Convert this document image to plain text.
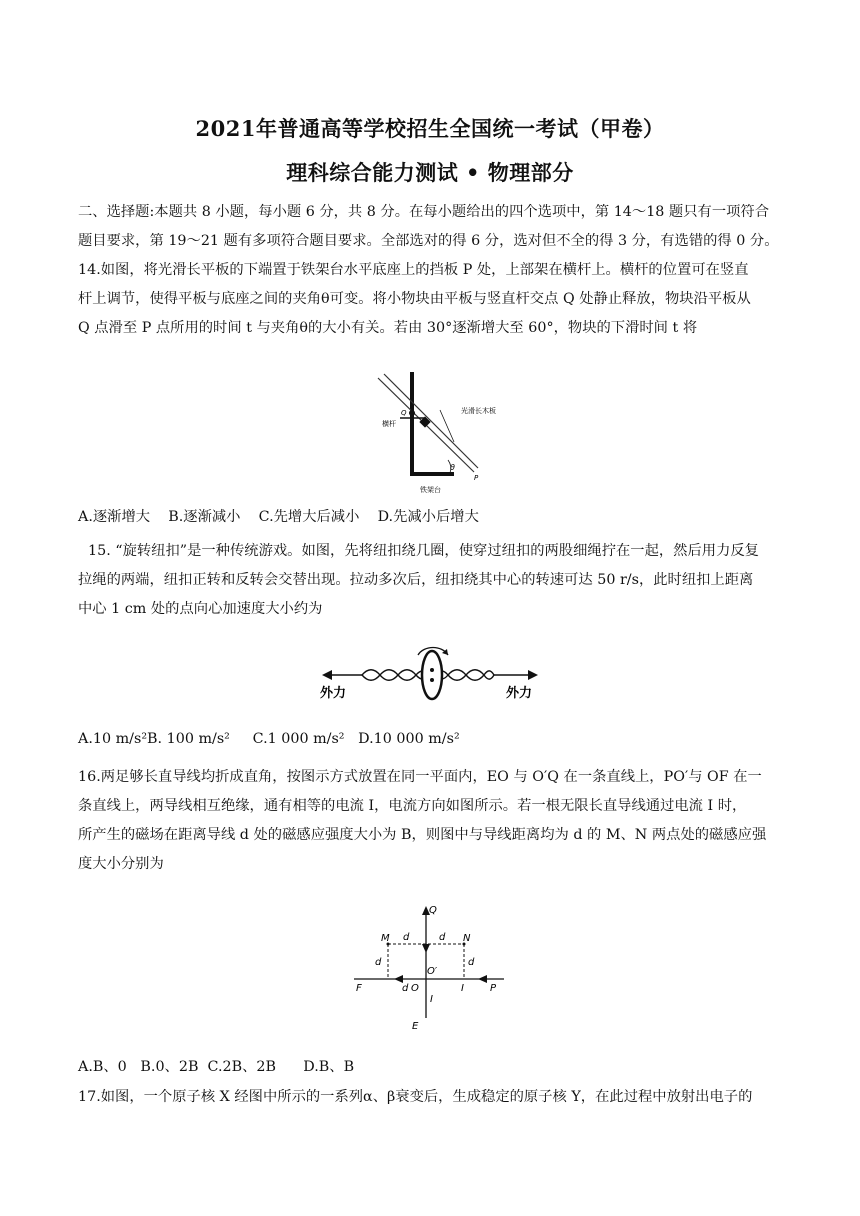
2021年普通高等学校招生全国统一考试（甲卷）
理科综合能力测试 • 物理部分
二、选择题:本题共 8 小题，每小题 6 分，共 8 分。在每小题给出的四个选项中，第 14～18 题只有一项符合
题目要求，第 19～21 题有多项符合题目要求。全部选对的得 6 分，选对但不全的得 3 分，有选错的得 0 分。
14.如图，将光滑长平板的下端置于铁架台水平底座上的挡板 P 处，上部架在横杆上。横杆的位置可在竖直
杆上调节，使得平板与底座之间的夹角θ可变。将小物块由平板与竖直杆交点 Q 处静止释放，物块沿平板从
Q 点滑至 P 点所用的时间 t 与夹角θ的大小有关。若由 30°逐渐增大至 60°，物块的下滑时间 t 将
光滑长木板
横杆
Q
P
θ
铁架台
A.逐渐增大    B.逐渐减小    C.先增大后减小    D.先减小后增大
15. “旋转纽扣”是一种传统游戏。如图，先将纽扣绕几圈，使穿过纽扣的两股细绳拧在一起，然后用力反复
拉绳的两端，纽扣正转和反转会交替出现。拉动多次后，纽扣绕其中心的转速可达 50 r/s，此时纽扣上距离
中心 1 cm 处的点向心加速度大小约为
外力	外力
A.10 m/s²B. 100 m/s²     C.1 000 m/s²   D.10 000 m/s²
16.两足够长直导线均折成直角，按图示方式放置在同一平面内，EO 与 O′Q 在一条直线上，PO′与 OF 在一
条直线上，两导线相互绝缘，通有相等的电流 I，电流方向如图所示。若一根无限长直导线通过电流 I 时，
所产生的磁场在距离导线 d 处的磁感应强度大小为 B，则图中与导线距离均为 d 的 M、N 两点处的磁感应强
度大小分别为
Q
M	N
d	d
d	d
O′
d O
F	I	P
I
E
A.B、0   B.0、2B  C.2B、2B      D.B、B
17.如图，一个原子核 X 经图中所示的一系列α、β衰变后，生成稳定的原子核 Y，在此过程中放射出电子的
